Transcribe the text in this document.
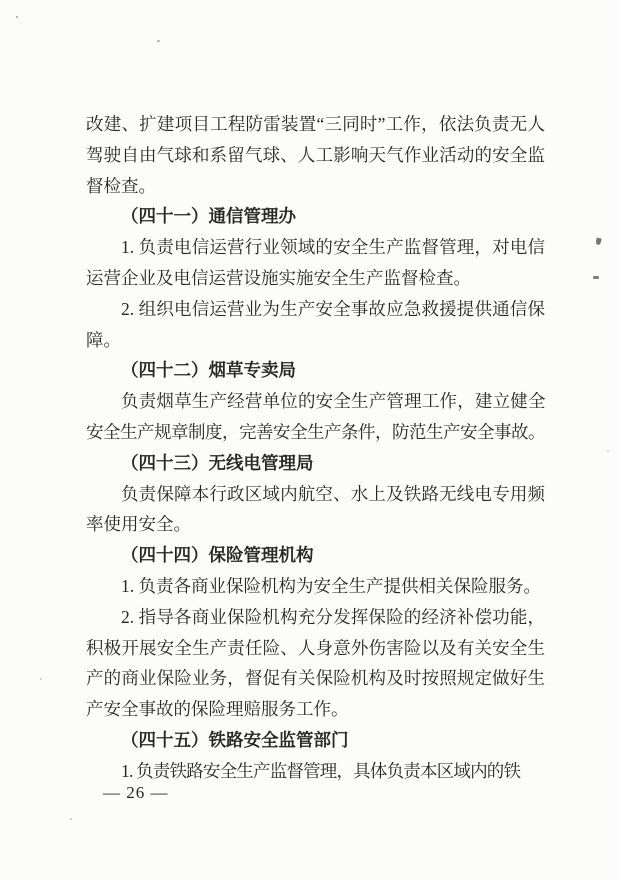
改建、扩建项目工程防雷装置“三同时”工作，依法负责无人驾驶自由气球和系留气球、人工影响天气作业活动的安全监督检查。

（四十一）通信管理办

1. 负责电信运营行业领域的安全生产监督管理，对电信运营企业及电信运营设施实施安全生产监督检查。

2. 组织电信运营业为生产安全事故应急救援提供通信保障。

（四十二）烟草专卖局

负责烟草生产经营单位的安全生产管理工作，建立健全安全生产规章制度，完善安全生产条件，防范生产安全事故。

（四十三）无线电管理局

负责保障本行政区域内航空、水上及铁路无线电专用频率使用安全。

（四十四）保险管理机构

1. 负责各商业保险机构为安全生产提供相关保险服务。

2. 指导各商业保险机构充分发挥保险的经济补偿功能，积极开展安全生产责任险、人身意外伤害险以及有关安全生产的商业保险业务，督促有关保险机构及时按照规定做好生产安全事故的保险理赔服务工作。

（四十五）铁路安全监管部门

1. 负责铁路安全生产监督管理，具体负责本区域内的铁

— 26 —
